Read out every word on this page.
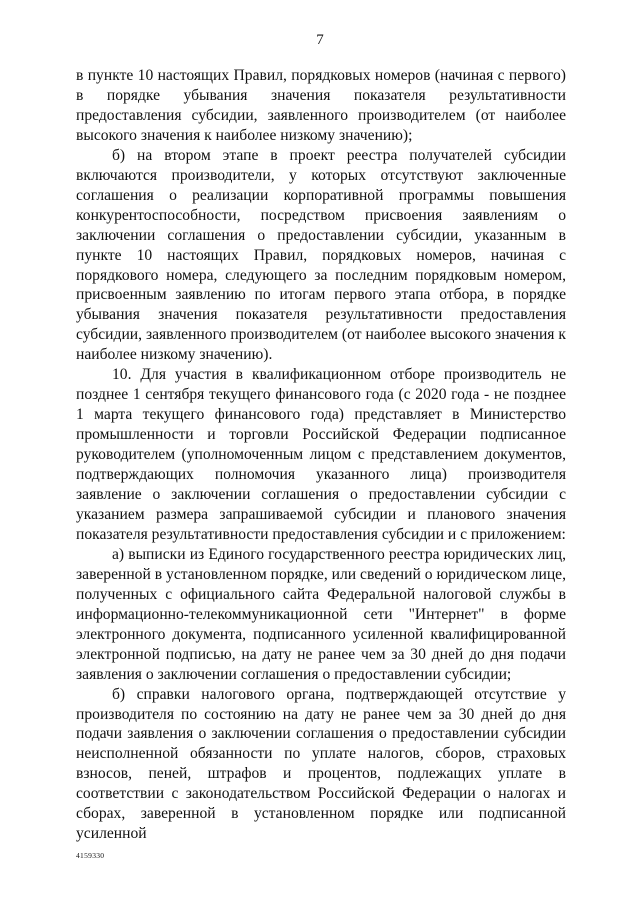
7

в пункте 10 настоящих Правил, порядковых номеров (начиная с первого) в порядке убывания значения показателя результативности предоставления субсидии, заявленного производителем (от наиболее высокого значения к наиболее низкому значению);

б) на втором этапе в проект реестра получателей субсидии включаются производители, у которых отсутствуют заключенные соглашения о реализации корпоративной программы повышения конкурентоспособности, посредством присвоения заявлениям о заключении соглашения о предоставлении субсидии, указанным в пункте 10 настоящих Правил, порядковых номеров, начиная с порядкового номера, следующего за последним порядковым номером, присвоенным заявлению по итогам первого этапа отбора, в порядке убывания значения показателя результативности предоставления субсидии, заявленного производителем (от наиболее высокого значения к наиболее низкому значению).

10. Для участия в квалификационном отборе производитель не позднее 1 сентября текущего финансового года (с 2020 года - не позднее 1 марта текущего финансового года) представляет в Министерство промышленности и торговли Российской Федерации подписанное руководителем (уполномоченным лицом с представлением документов, подтверждающих полномочия указанного лица) производителя заявление о заключении соглашения о предоставлении субсидии с указанием размера запрашиваемой субсидии и планового значения показателя результативности предоставления субсидии и с приложением:

а) выписки из Единого государственного реестра юридических лиц, заверенной в установленном порядке, или сведений о юридическом лице, полученных с официального сайта Федеральной налоговой службы в информационно-телекоммуникационной сети "Интернет" в форме электронного документа, подписанного усиленной квалифицированной электронной подписью, на дату не ранее чем за 30 дней до дня подачи заявления о заключении соглашения о предоставлении субсидии;

б) справки налогового органа, подтверждающей отсутствие у производителя по состоянию на дату не ранее чем за 30 дней до дня подачи заявления о заключении соглашения о предоставлении субсидии неисполненной обязанности по уплате налогов, сборов, страховых взносов, пеней, штрафов и процентов, подлежащих уплате в соответствии с законодательством Российской Федерации о налогах и сборах, заверенной в установленном порядке или подписанной усиленной

4159330
